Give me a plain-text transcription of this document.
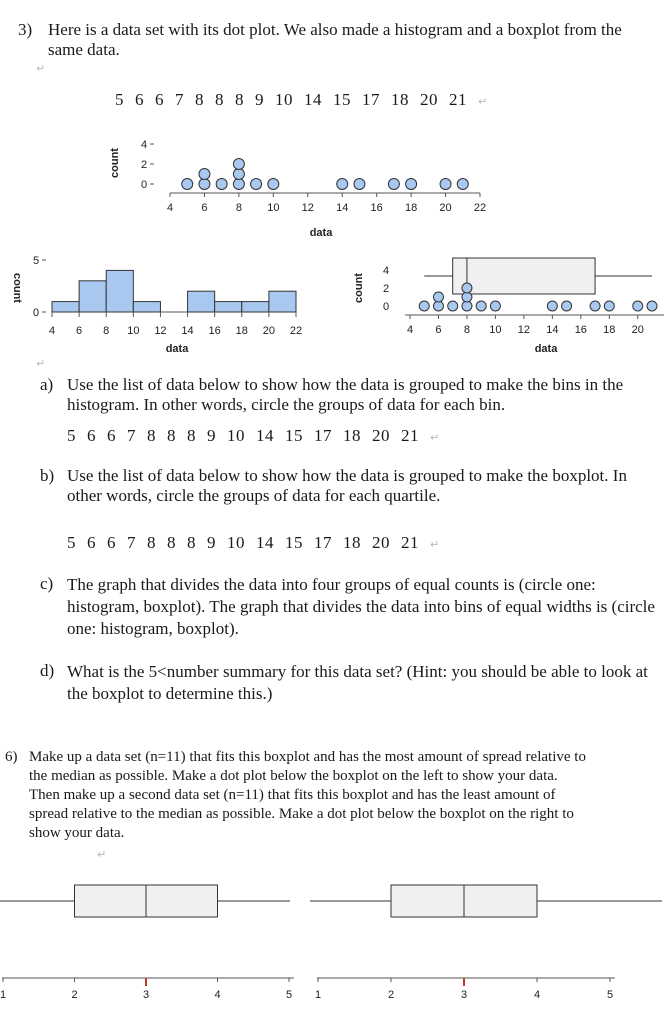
3) Here is a data set with its dot plot. We also made a histogram and a boxplot from the same data.
↵
5 6 6 7 8 8 8 9 10 14 15 17 18 20 21 ↵
count
data
4	6	8 10 12 14 16 18 20 22
0
2
4
count
data
0
5
4 6 8 10 12 14 16 18 20 22
count
data
0
2
4
4 6 8 10 12 14 16 18 20
↵
a) Use the list of data below to show how the data is grouped to make the bins in the histogram. In other words, circle the groups of data for each bin.
5 6 6 7 8 8 8 9 10 14 15 17 18 20 21 ↵
b) Use the list of data below to show how the data is grouped to make the boxplot. In other words, circle the groups of data for each quartile.
5 6 6 7 8 8 8 9 10 14 15 17 18 20 21 ↵
c) The graph that divides the data into four groups of equal counts is (circle one: histogram, boxplot). The graph that divides the data into bins of equal widths is (circle one: histogram, boxplot).
d) What is the 5<number summary for this data set? (Hint: you should be able to look at the boxplot to determine this.)
6) Make up a data set (n=11) that fits this boxplot and has the most amount of spread relative to the median as possible. Make a dot plot below the boxplot on the left to show your data. Then make up a second data set (n=11) that fits this boxplot and has the least amount of spread relative to the median as possible. Make a dot plot below the boxplot on the right to show your data.
↵
1	2	3	4	5 1	2	3	4	5
